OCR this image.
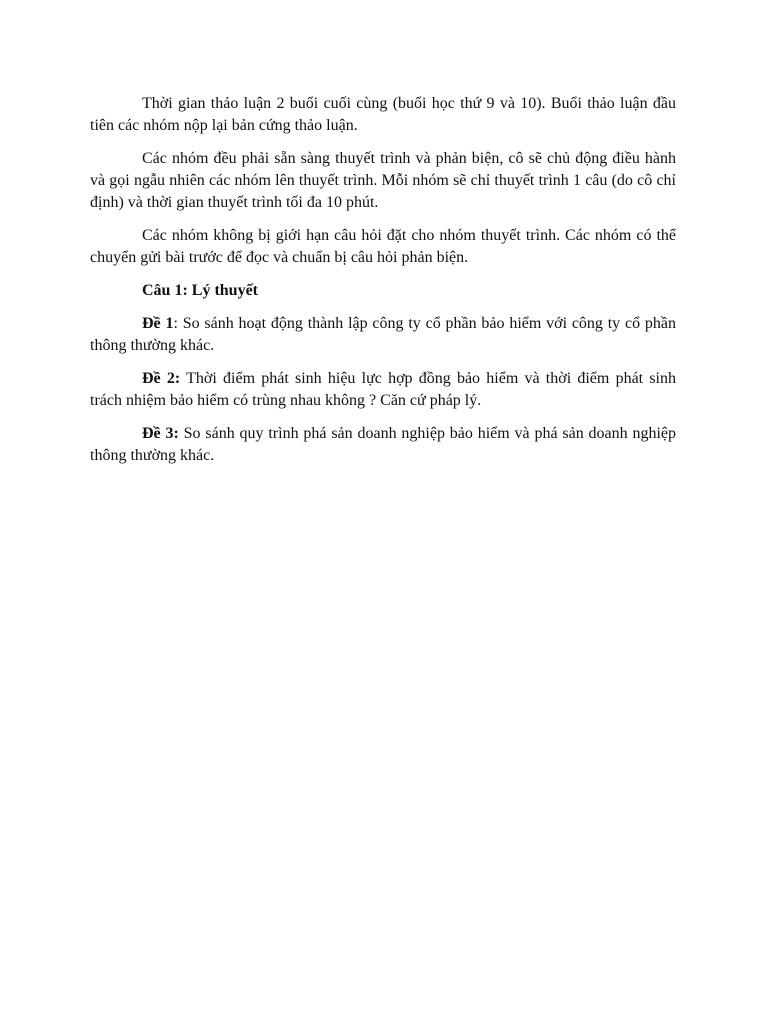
Thời gian thảo luận 2 buổi cuối cùng (buổi học thứ 9 và 10). Buổi thảo luận đầu tiên các nhóm nộp lại bản cứng thảo luận.

Các nhóm đều phải sẵn sàng thuyết trình và phản biện, cô sẽ chủ động điều hành và gọi ngẫu nhiên các nhóm lên thuyết trình. Mỗi nhóm sẽ chỉ thuyết trình 1 câu (do cô chỉ định) và thời gian thuyết trình tối đa 10 phút.

Các nhóm không bị giới hạn câu hỏi đặt cho nhóm thuyết trình. Các nhóm có thể chuyển gửi bài trước để đọc và chuẩn bị câu hỏi phản biện.

Câu 1: Lý thuyết

Đề 1: So sánh hoạt động thành lập công ty cổ phần bảo hiểm với công ty cổ phần thông thường khác.

Đề 2: Thời điểm phát sinh hiệu lực hợp đồng bảo hiểm và thời điểm phát sinh trách nhiệm bảo hiểm có trùng nhau không ? Căn cứ pháp lý.

Đề 3: So sánh quy trình phá sản doanh nghiệp bảo hiểm và phá sản doanh nghiệp thông thường khác.
